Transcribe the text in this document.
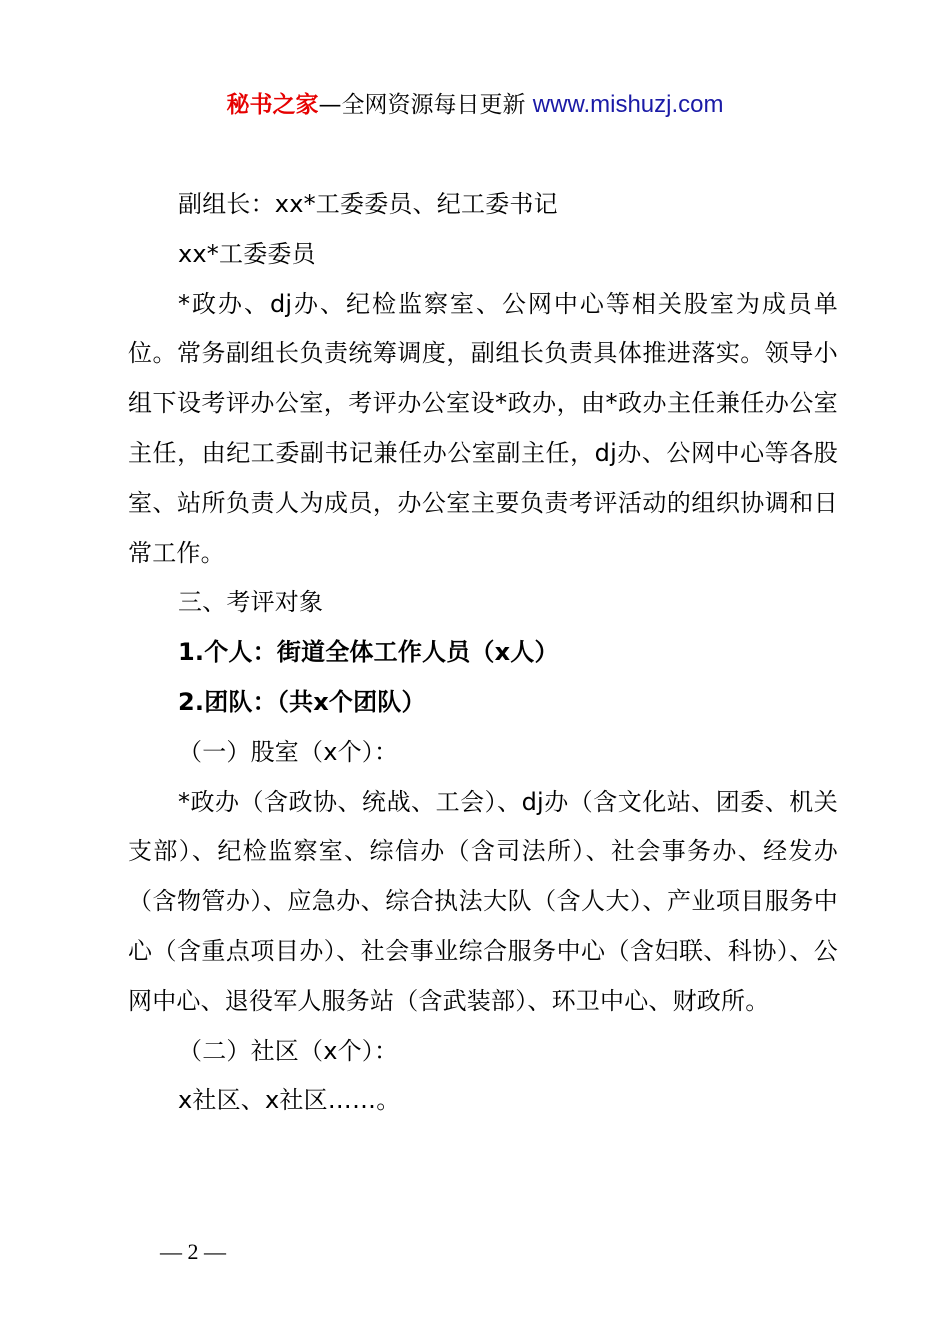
秘书之家—全网资源每日更新 www.mishuzj.com

副组长：xx*工委委员、纪工委书记

xx*工委委员

*政办、dj办、纪检监察室、公网中心等相关股室为成员单位。常务副组长负责统筹调度，副组长负责具体推进落实。领导小组下设考评办公室，考评办公室设*政办，由*政办主任兼任办公室主任，由纪工委副书记兼任办公室副主任，dj办、公网中心等各股室、站所负责人为成员，办公室主要负责考评活动的组织协调和日常工作。

三、考评对象

1.个人：街道全体工作人员（x人）

2.团队：（共x个团队）

（一）股室（x个）：

*政办（含政协、统战、工会）、dj办（含文化站、团委、机关支部）、纪检监察室、综信办（含司法所）、社会事务办、经发办（含物管办）、应急办、综合执法大队（含人大）、产业项目服务中心（含重点项目办）、社会事业综合服务中心（含妇联、科协）、公网中心、退役军人服务站（含武装部）、环卫中心、财政所。

（二）社区（x个）：

x社区、x社区……。

— 2 —
